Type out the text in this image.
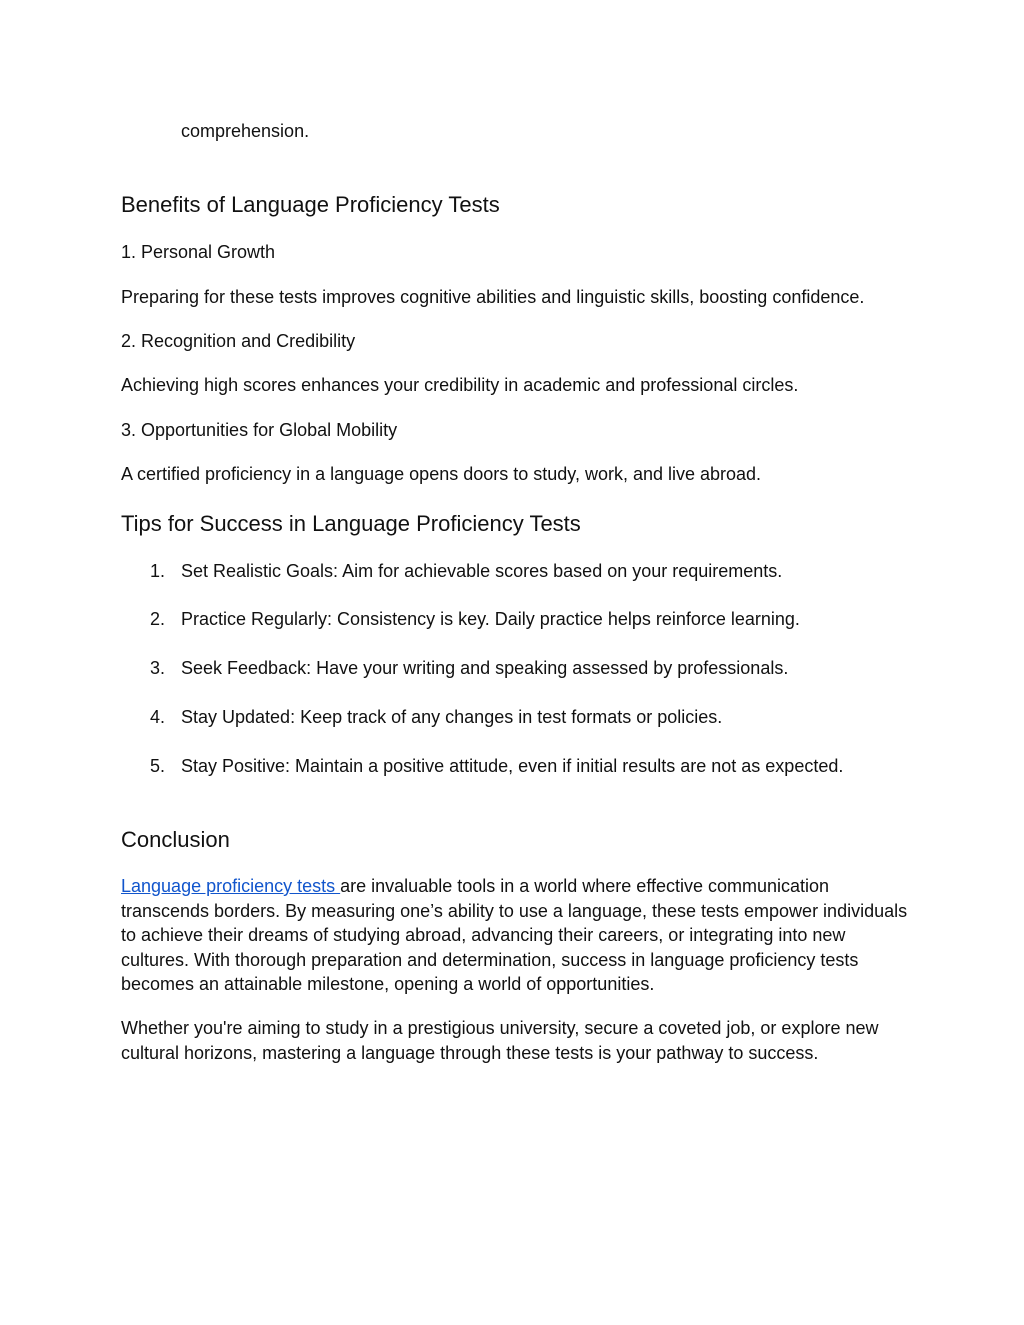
comprehension.

Benefits of Language Proficiency Tests

1. Personal Growth

Preparing for these tests improves cognitive abilities and linguistic skills, boosting confidence.

2. Recognition and Credibility

Achieving high scores enhances your credibility in academic and professional circles.

3. Opportunities for Global Mobility

A certified proficiency in a language opens doors to study, work, and live abroad.

Tips for Success in Language Proficiency Tests
1. Set Realistic Goals: Aim for achievable scores based on your requirements.
2. Practice Regularly: Consistency is key. Daily practice helps reinforce learning.
3. Seek Feedback: Have your writing and speaking assessed by professionals.
4. Stay Updated: Keep track of any changes in test formats or policies.
5. Stay Positive: Maintain a positive attitude, even if initial results are not as expected.
Conclusion

Language proficiency tests are invaluable tools in a world where effective communication transcends borders. By measuring one’s ability to use a language, these tests empower individuals to achieve their dreams of studying abroad, advancing their careers, or integrating into new cultures. With thorough preparation and determination, success in language proficiency tests becomes an attainable milestone, opening a world of opportunities.

Whether you're aiming to study in a prestigious university, secure a coveted job, or explore new cultural horizons, mastering a language through these tests is your pathway to success.
